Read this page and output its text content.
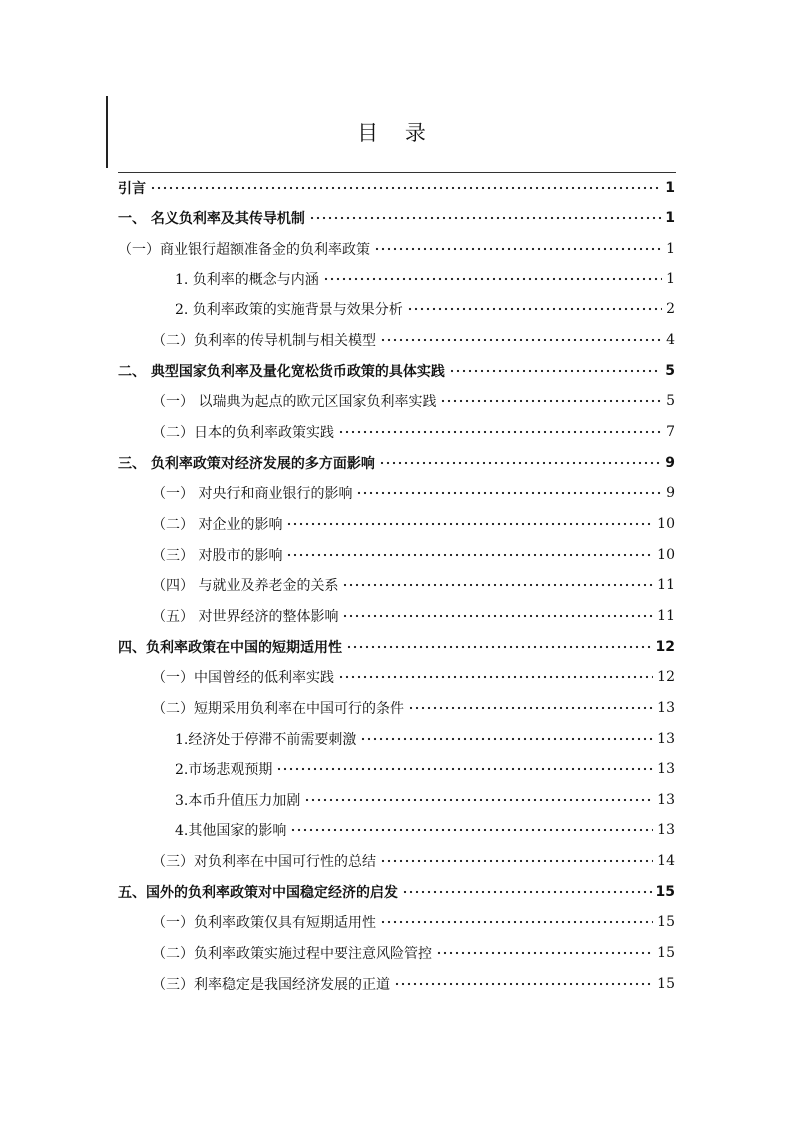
目 录
引言	1
一、 名义负利率及其传导机制	1
（一）商业银行超额准备金的负利率政策	1
1. 负利率的概念与内涵	1
2. 负利率政策的实施背景与效果分析	2
（二）负利率的传导机制与相关模型	4
二、 典型国家负利率及量化宽松货币政策的具体实践	5
（一） 以瑞典为起点的欧元区国家负利率实践	5
（二）日本的负利率政策实践	7
三、 负利率政策对经济发展的多方面影响	9
（一） 对央行和商业银行的影响	9
（二） 对企业的影响	10
（三） 对股市的影响	10
（四） 与就业及养老金的关系	11
（五） 对世界经济的整体影响	11
四、负利率政策在中国的短期适用性	12
（一）中国曾经的低利率实践	12
（二）短期采用负利率在中国可行的条件	13
1.经济处于停滞不前需要刺激	13
2.市场悲观预期	13
3.本币升值压力加剧	13
4.其他国家的影响	13
（三）对负利率在中国可行性的总结	14
五、国外的负利率政策对中国稳定经济的启发	15
（一）负利率政策仅具有短期适用性	15
（二）负利率政策实施过程中要注意风险管控	15
（三）利率稳定是我国经济发展的正道	15
